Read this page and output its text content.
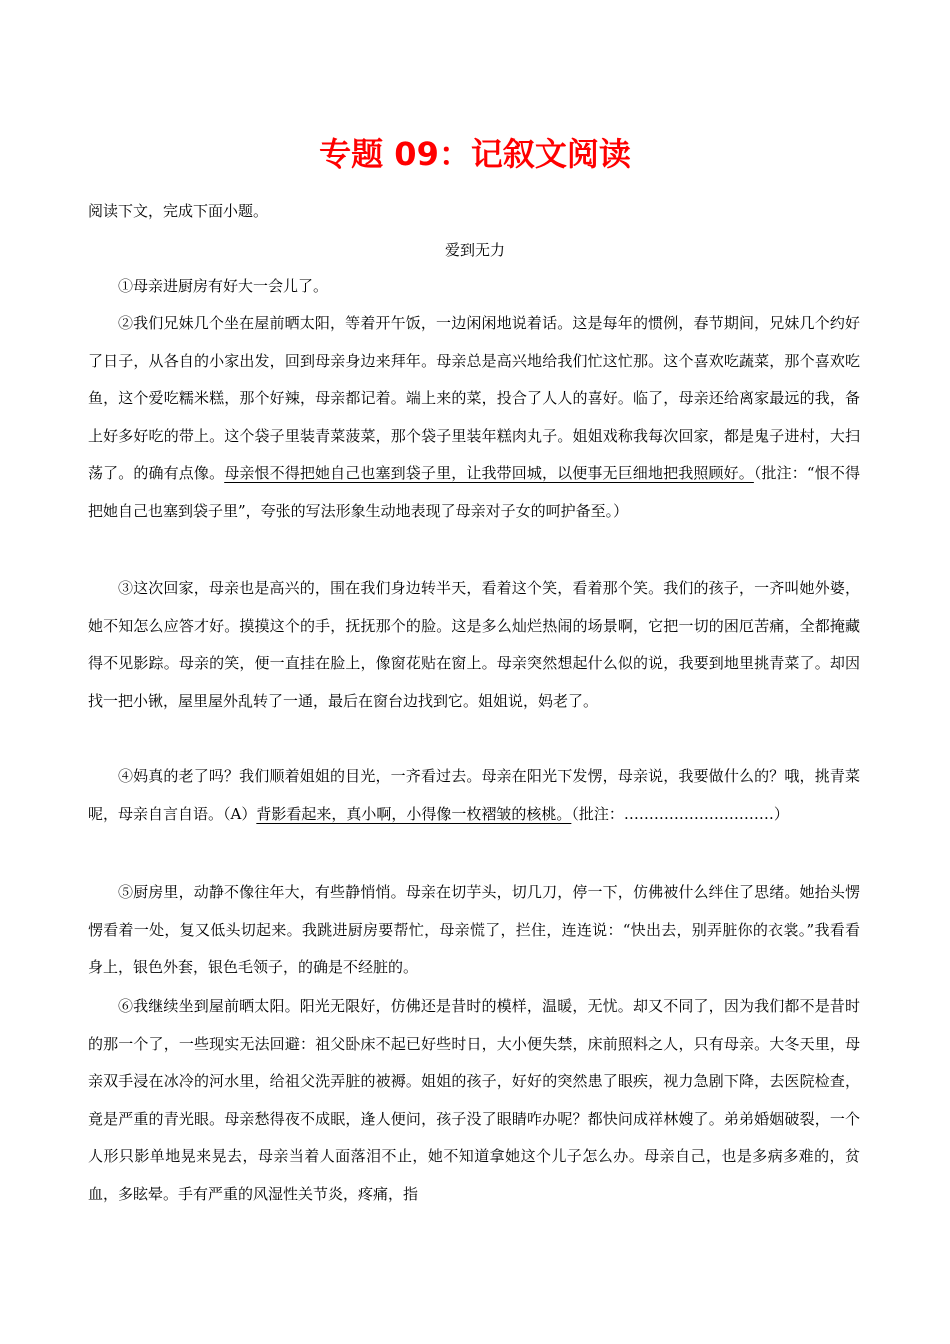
专题 09：记叙文阅读

阅读下文，完成下面小题。

爱到无力

①母亲进厨房有好大一会儿了。

②我们兄妹几个坐在屋前晒太阳，等着开午饭，一边闲闲地说着话。这是每年的惯例，春节期间，兄妹几个约好了日子，从各自的小家出发，回到母亲身边来拜年。母亲总是高兴地给我们忙这忙那。这个喜欢吃蔬菜，那个喜欢吃鱼，这个爱吃糯米糕，那个好辣，母亲都记着。端上来的菜，投合了人人的喜好。临了，母亲还给离家最远的我，备上好多好吃的带上。这个袋子里装青菜菠菜，那个袋子里装年糕肉丸子。姐姐戏称我每次回家，都是鬼子进村，大扫荡了。的确有点像。母亲恨不得把她自己也塞到袋子里，让我带回城，以便事无巨细地把我照顾好。（批注：“恨不得把她自己也塞到袋子里”，夸张的写法形象生动地表现了母亲对子女的呵护备至。）

③这次回家，母亲也是高兴的，围在我们身边转半天，看着这个笑，看着那个笑。我们的孩子，一齐叫她外婆，她不知怎么应答才好。摸摸这个的手，抚抚那个的脸。这是多么灿烂热闹的场景啊，它把一切的困厄苦痛，全都掩藏得不见影踪。母亲的笑，便一直挂在脸上，像窗花贴在窗上。母亲突然想起什么似的说，我要到地里挑青菜了。却因找一把小锹，屋里屋外乱转了一通，最后在窗台边找到它。姐姐说，妈老了。

④妈真的老了吗？我们顺着姐姐的目光，一齐看过去。母亲在阳光下发愣，母亲说，我要做什么的？哦，挑青菜呢，母亲自言自语。（A）背影看起来，真小啊，小得像一枚褶皱的核桃。（批注：…………………………）

⑤厨房里，动静不像往年大，有些静悄悄。母亲在切芋头，切几刀，停一下，仿佛被什么绊住了思绪。她抬头愣愣看着一处，复又低头切起来。我跳进厨房要帮忙，母亲慌了，拦住，连连说：“快出去，别弄脏你的衣裳。”我看看身上，银色外套，银色毛领子，的确是不经脏的。

⑥我继续坐到屋前晒太阳。阳光无限好，仿佛还是昔时的模样，温暖，无忧。却又不同了，因为我们都不是昔时的那一个了，一些现实无法回避：祖父卧床不起已好些时日，大小便失禁，床前照料之人，只有母亲。大冬天里，母亲双手浸在冰冷的河水里，给祖父洗弄脏的被褥。姐姐的孩子，好好的突然患了眼疾，视力急剧下降，去医院检查，竟是严重的青光眼。母亲愁得夜不成眠，逢人便问，孩子没了眼睛咋办呢？都快问成祥林嫂了。弟弟婚姻破裂，一个人形只影单地晃来晃去，母亲当着人面落泪不止，她不知道拿她这个儿子怎么办。母亲自己，也是多病多难的，贫血，多眩晕。手有严重的风湿性关节炎，疼痛，指
